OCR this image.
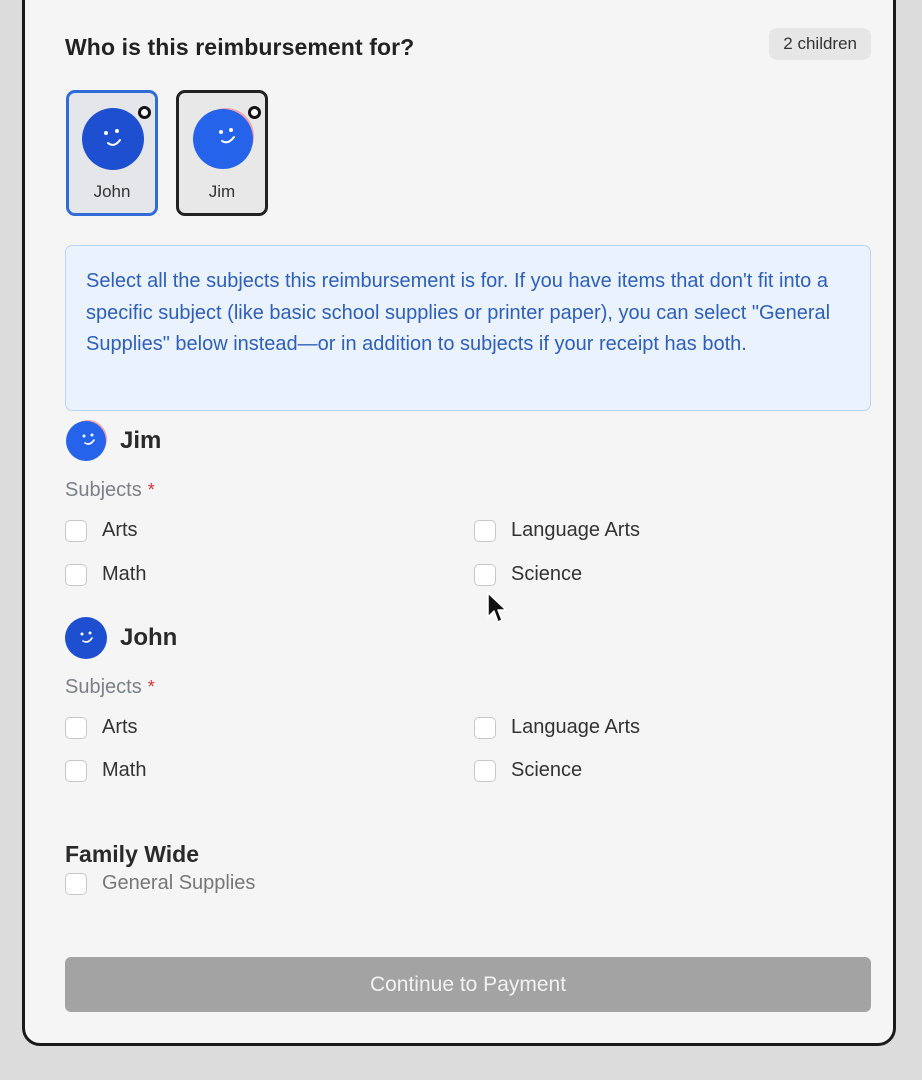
Who is this reimbursement for?	2 children
John	Jim
Select all the subjects this reimbursement is for. If you have items that don't fit into a specific subject (like basic school supplies or printer paper), you can select "General Supplies" below instead—or in addition to subjects if your receipt has both.
Jim
Subjects *
Arts	Language Arts
Math	Science
John
Subjects *
Arts	Language Arts
Math	Science
Family Wide
General Supplies
Continue to Payment
